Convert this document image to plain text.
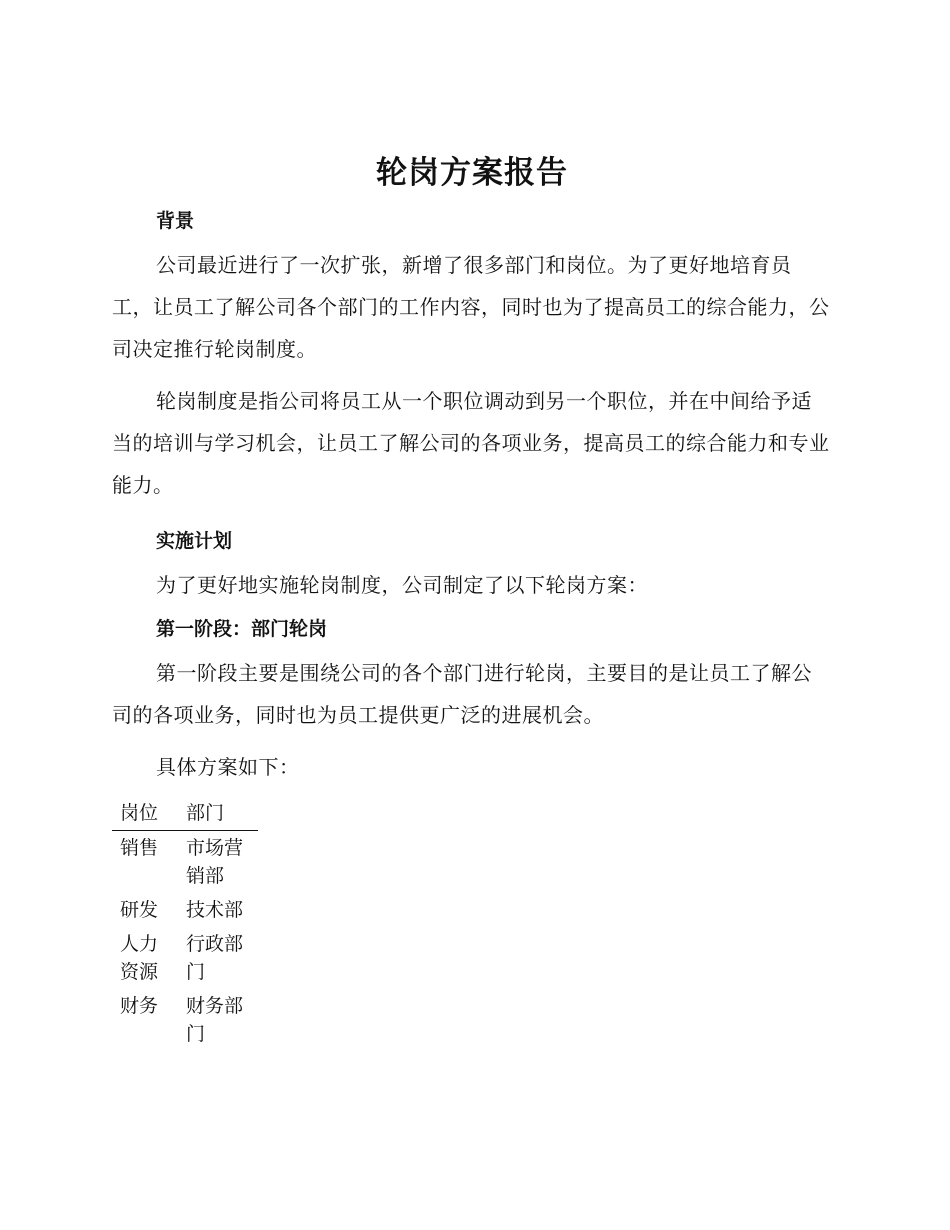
轮岗方案报告
背景

公司最近进行了一次扩张，新增了很多部门和岗位。为了更好地培育员工，让员工了解公司各个部门的工作内容，同时也为了提高员工的综合能力，公司决定推行轮岗制度。

轮岗制度是指公司将员工从一个职位调动到另一个职位，并在中间给予适当的培训与学习机会，让员工了解公司的各项业务，提高员工的综合能力和专业能力。

实施计划

为了更好地实施轮岗制度，公司制定了以下轮岗方案：

第一阶段：部门轮岗

第一阶段主要是围绕公司的各个部门进行轮岗，主要目的是让员工了解公司的各项业务，同时也为员工提供更广泛的进展机会。

具体方案如下：

岗位	部门
销售	市场营销部
研发	技术部
人力资源	行政部门
财务	财务部门
